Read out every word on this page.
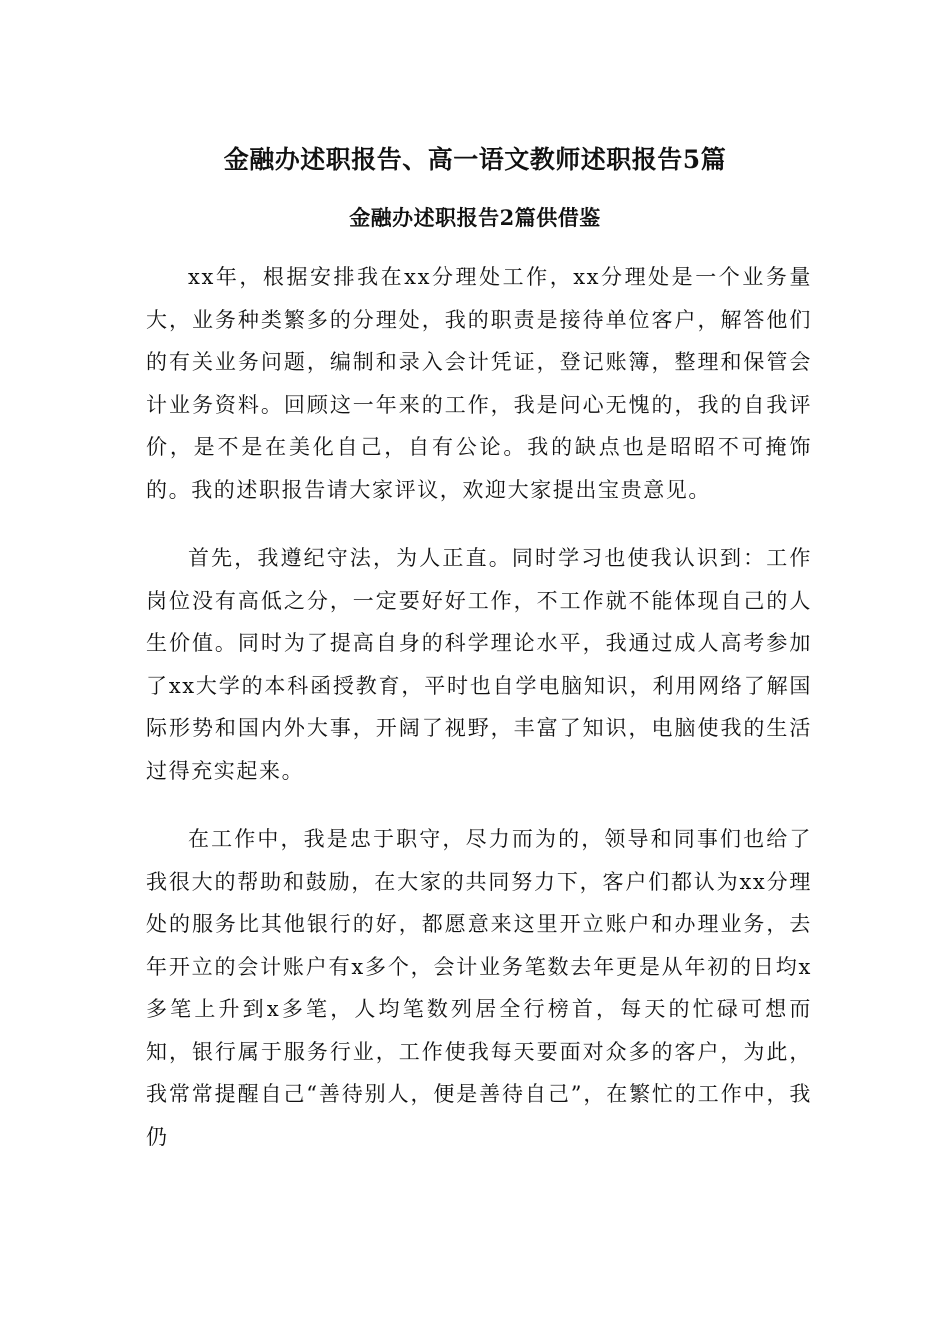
金融办述职报告、高一语文教师述职报告5篇
金融办述职报告2篇供借鉴

xx年，根据安排我在xx分理处工作，xx分理处是一个业务量大，业务种类繁多的分理处，我的职责是接待单位客户，解答他们的有关业务问题，编制和录入会计凭证，登记账簿，整理和保管会计业务资料。回顾这一年来的工作，我是问心无愧的，我的自我评价，是不是在美化自己，自有公论。我的缺点也是昭昭不可掩饰的。我的述职报告请大家评议，欢迎大家提出宝贵意见。

首先，我遵纪守法，为人正直。同时学习也使我认识到：工作岗位没有高低之分，一定要好好工作，不工作就不能体现自己的人生价值。同时为了提高自身的科学理论水平，我通过成人高考参加了xx大学的本科函授教育，平时也自学电脑知识，利用网络了解国际形势和国内外大事，开阔了视野，丰富了知识，电脑使我的生活过得充实起来。

在工作中，我是忠于职守，尽力而为的，领导和同事们也给了我很大的帮助和鼓励，在大家的共同努力下，客户们都认为xx分理处的服务比其他银行的好，都愿意来这里开立账户和办理业务，去年开立的会计账户有x多个，会计业务笔数去年更是从年初的日均x多笔上升到x多笔，人均笔数列居全行榜首，每天的忙碌可想而知，银行属于服务行业，工作使我每天要面对众多的客户，为此，我常常提醒自己“善待别人，便是善待自己”，在繁忙的工作中，我仍
